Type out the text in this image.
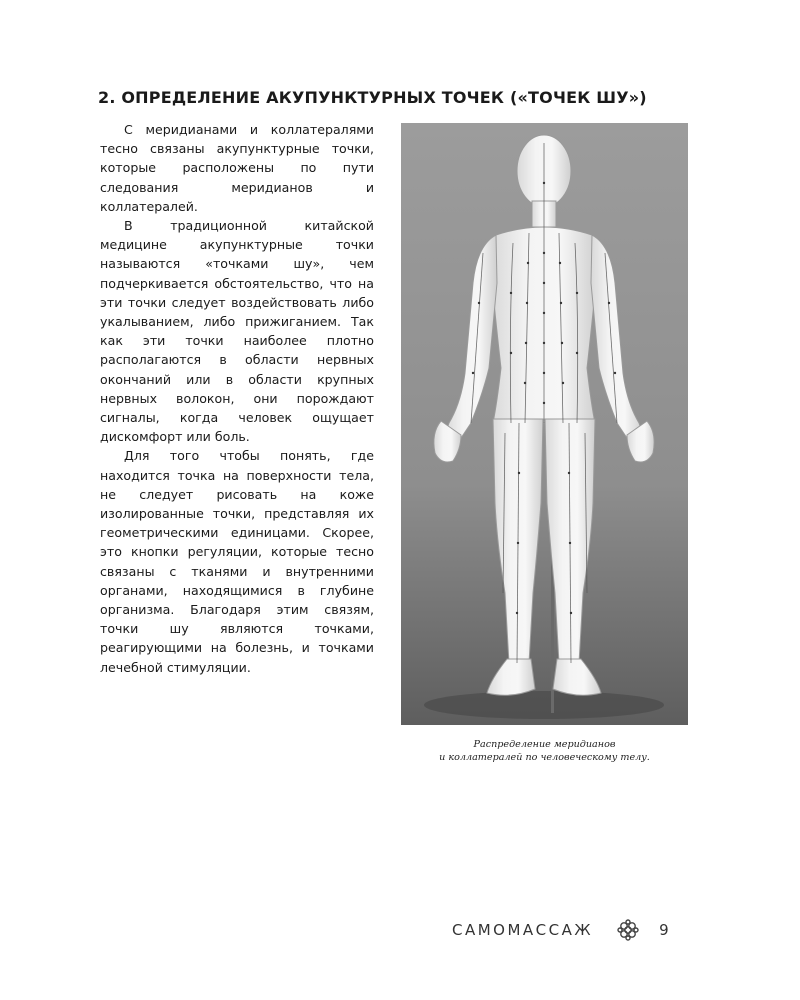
2. ОПРЕДЕЛЕНИЕ АКУПУНКТУРНЫХ ТОЧЕК («ТОЧЕК ШУ»)

С меридианами и коллатералями тесно связаны акупунктурные точки, которые расположены по пути следования меридианов и коллатералей.

В традиционной китайской медицине акупунктурные точки называются «точками шу», чем подчеркивается обстоятельство, что на эти точки следует воздействовать либо укалыванием, либо прижиганием. Так как эти точки наиболее плотно располагаются в области нервных окончаний или в области крупных нервных волокон, они порождают сигналы, когда человек ощущает дискомфорт или боль.

Для того чтобы понять, где находится точка на поверхности тела, не следует рисовать на коже изолированные точки, представляя их геометрическими единицами. Скорее, это кнопки регуляции, которые тесно связаны с тканями и внутренними органами, находящимися в глубине организма. Благодаря этим связям, точки шу являются точками, реагирующими на болезнь, и точками лечебной стимуляции.

Распределение меридианов
и коллатералей по человеческому телу.
САМОМАССАЖ	9
